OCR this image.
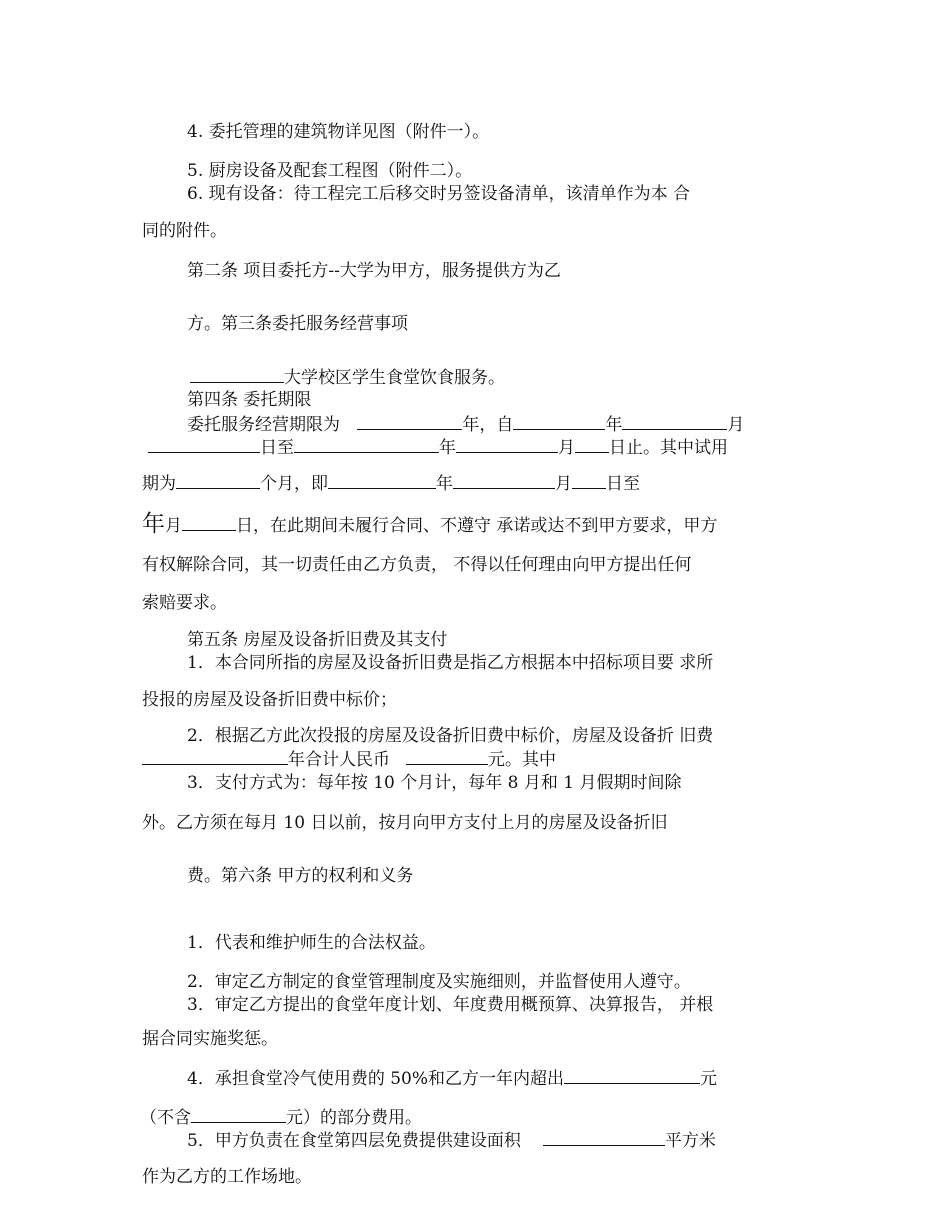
4. 委托管理的建筑物详见图（附件一）。
5. 厨房设备及配套工程图（附件二）。
6. 现有设备：待工程完工后移交时另签设备清单，该清单作为本 合
同的附件。
第二条 项目委托方--大学为甲方，服务提供方为乙
方。第三条委托服务经营事项
大学校区学生食堂饮食服务。
第四条 委托期限
委托服务经营期限为	年，自	年	月
日至	年	月 日止。其中试用
期为	个月，即	年	月 日至
年月	日，在此期间未履行合同、不遵守 承诺或达不到甲方要求，甲方
有权解除合同，其一切责任由乙方负责， 不得以任何理由向甲方提出任何
索赔要求。
第五条 房屋及设备折旧费及其支付
1．本合同所指的房屋及设备折旧费是指乙方根据本中招标项目要 求所
投报的房屋及设备折旧费中标价；
2．根据乙方此次投报的房屋及设备折旧费中标价，房屋及设备折 旧费
年合计人民币	元。其中
3．支付方式为：每年按 10 个月计，每年 8 月和 1 月假期时间除
外。乙方须在每月 10 日以前，按月向甲方支付上月的房屋及设备折旧
费。第六条 甲方的权利和义务
1．代表和维护师生的合法权益。
2．审定乙方制定的食堂管理制度及实施细则，并监督使用人遵守。
3．审定乙方提出的食堂年度计划、年度费用概预算、决算报告， 并根
据合同实施奖惩。
4．承担食堂冷气使用费的 50%和乙方一年内超出	元
（不含	元）的部分费用。
5．甲方负责在食堂第四层免费提供建设面积	平方米
作为乙方的工作场地。
